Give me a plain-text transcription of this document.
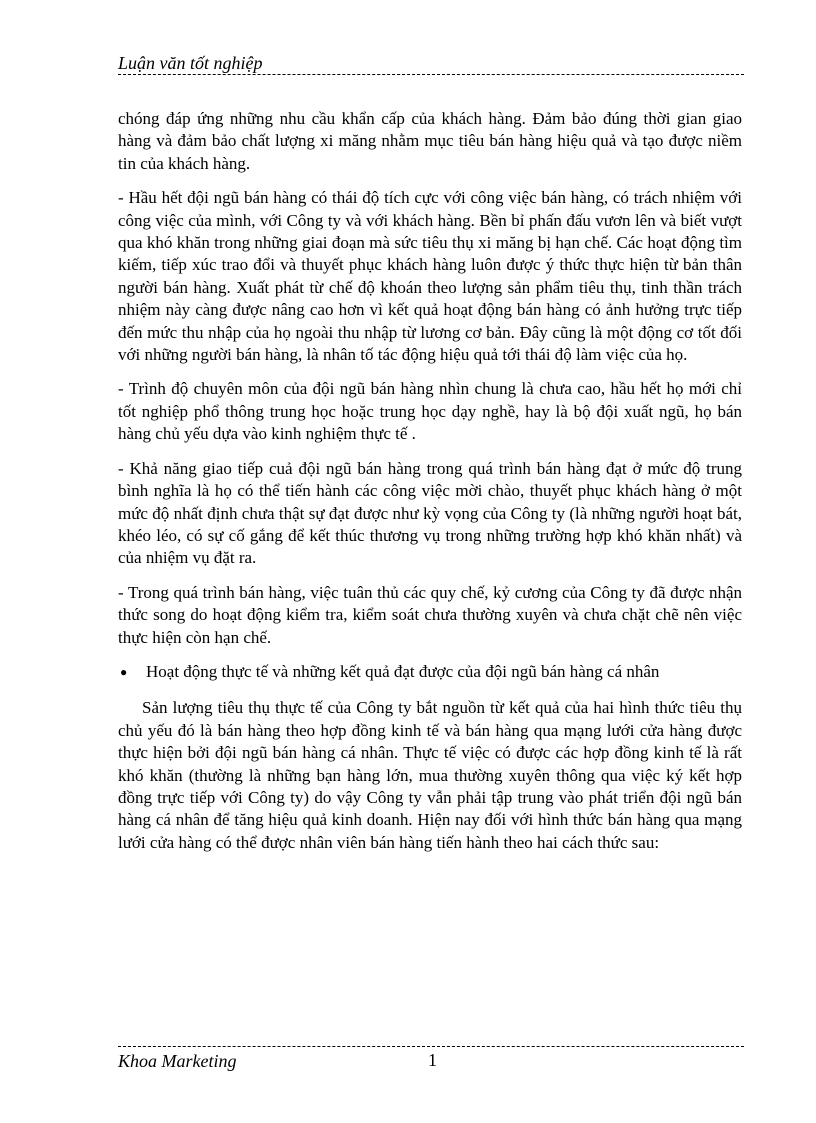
Luận văn tốt nghiệp

chóng đáp ứng những nhu cầu khẩn cấp của khách hàng. Đảm bảo đúng thời gian giao hàng và đảm bảo chất lượng xi măng nhằm mục tiêu bán hàng hiệu quả và tạo được niềm tin của khách hàng.

- Hầu hết đội ngũ bán hàng có thái độ tích cực với công việc bán hàng, có trách nhiệm với công việc của mình, với Công ty và với khách hàng. Bền bỉ phấn đấu vươn lên và biết vượt qua khó khăn trong những giai đoạn mà sức tiêu thụ xi măng bị hạn chế. Các hoạt động tìm kiếm, tiếp xúc trao đổi và thuyết phục khách hàng luôn được ý thức thực hiện từ bản thân người bán hàng. Xuất phát từ chế độ khoán theo lượng sản phẩm tiêu thụ, tinh thần trách nhiệm này càng được nâng cao hơn vì kết quả hoạt động bán hàng có ảnh hưởng trực tiếp đến mức thu nhập của họ ngoài thu nhập từ lương cơ bản. Đây cũng là một động cơ tốt đối với những người bán hàng, là nhân tố tác động hiệu quả tới thái độ làm việc của họ.

- Trình độ chuyên môn của đội ngũ bán hàng nhìn chung là chưa cao, hầu hết họ mới chỉ tốt nghiệp phổ thông trung học hoặc trung học dạy nghề, hay là bộ đội xuất ngũ, họ bán hàng chủ yếu dựa vào kinh nghiệm thực tế .

- Khả năng giao tiếp cuả đội ngũ bán hàng trong quá trình bán hàng đạt ở mức độ trung bình nghĩa là họ có thể tiến hành các công việc mời chào, thuyết phục khách hàng ở một mức độ nhất định chưa thật sự đạt được như kỳ vọng của Công ty (là những người hoạt bát, khéo léo, có sự cố gắng để kết thúc thương vụ trong những trường hợp khó khăn nhất) và của nhiệm vụ đặt ra.

- Trong quá trình bán hàng, việc tuân thủ các quy chế, kỷ cương của Công ty đã được nhận thức song do hoạt động kiểm tra, kiểm soát chưa thường xuyên và chưa chặt chẽ nên việc thực hiện còn hạn chế.

●	Hoạt động thực tế và những kết quả đạt được của đội ngũ bán hàng cá nhân

Sản lượng tiêu thụ thực tế của Công ty bắt nguồn từ kết quả của hai hình thức tiêu thụ chủ yếu đó là bán hàng theo hợp đồng kinh tế và bán hàng qua mạng lưới cửa hàng được thực hiện bởi đội ngũ bán hàng cá nhân. Thực tế việc có được các hợp đồng kinh tế là rất khó khăn (thường là những bạn hàng lớn, mua thường xuyên thông qua việc ký kết hợp đồng trực tiếp với Công ty) do vậy Công ty vẫn phải tập trung vào phát triển đội ngũ bán hàng cá nhân để tăng hiệu quả kinh doanh. Hiện nay đối với hình thức bán hàng qua mạng lưới cửa hàng có thể được nhân viên bán hàng tiến hành theo hai cách thức sau:

Khoa Marketing	1
